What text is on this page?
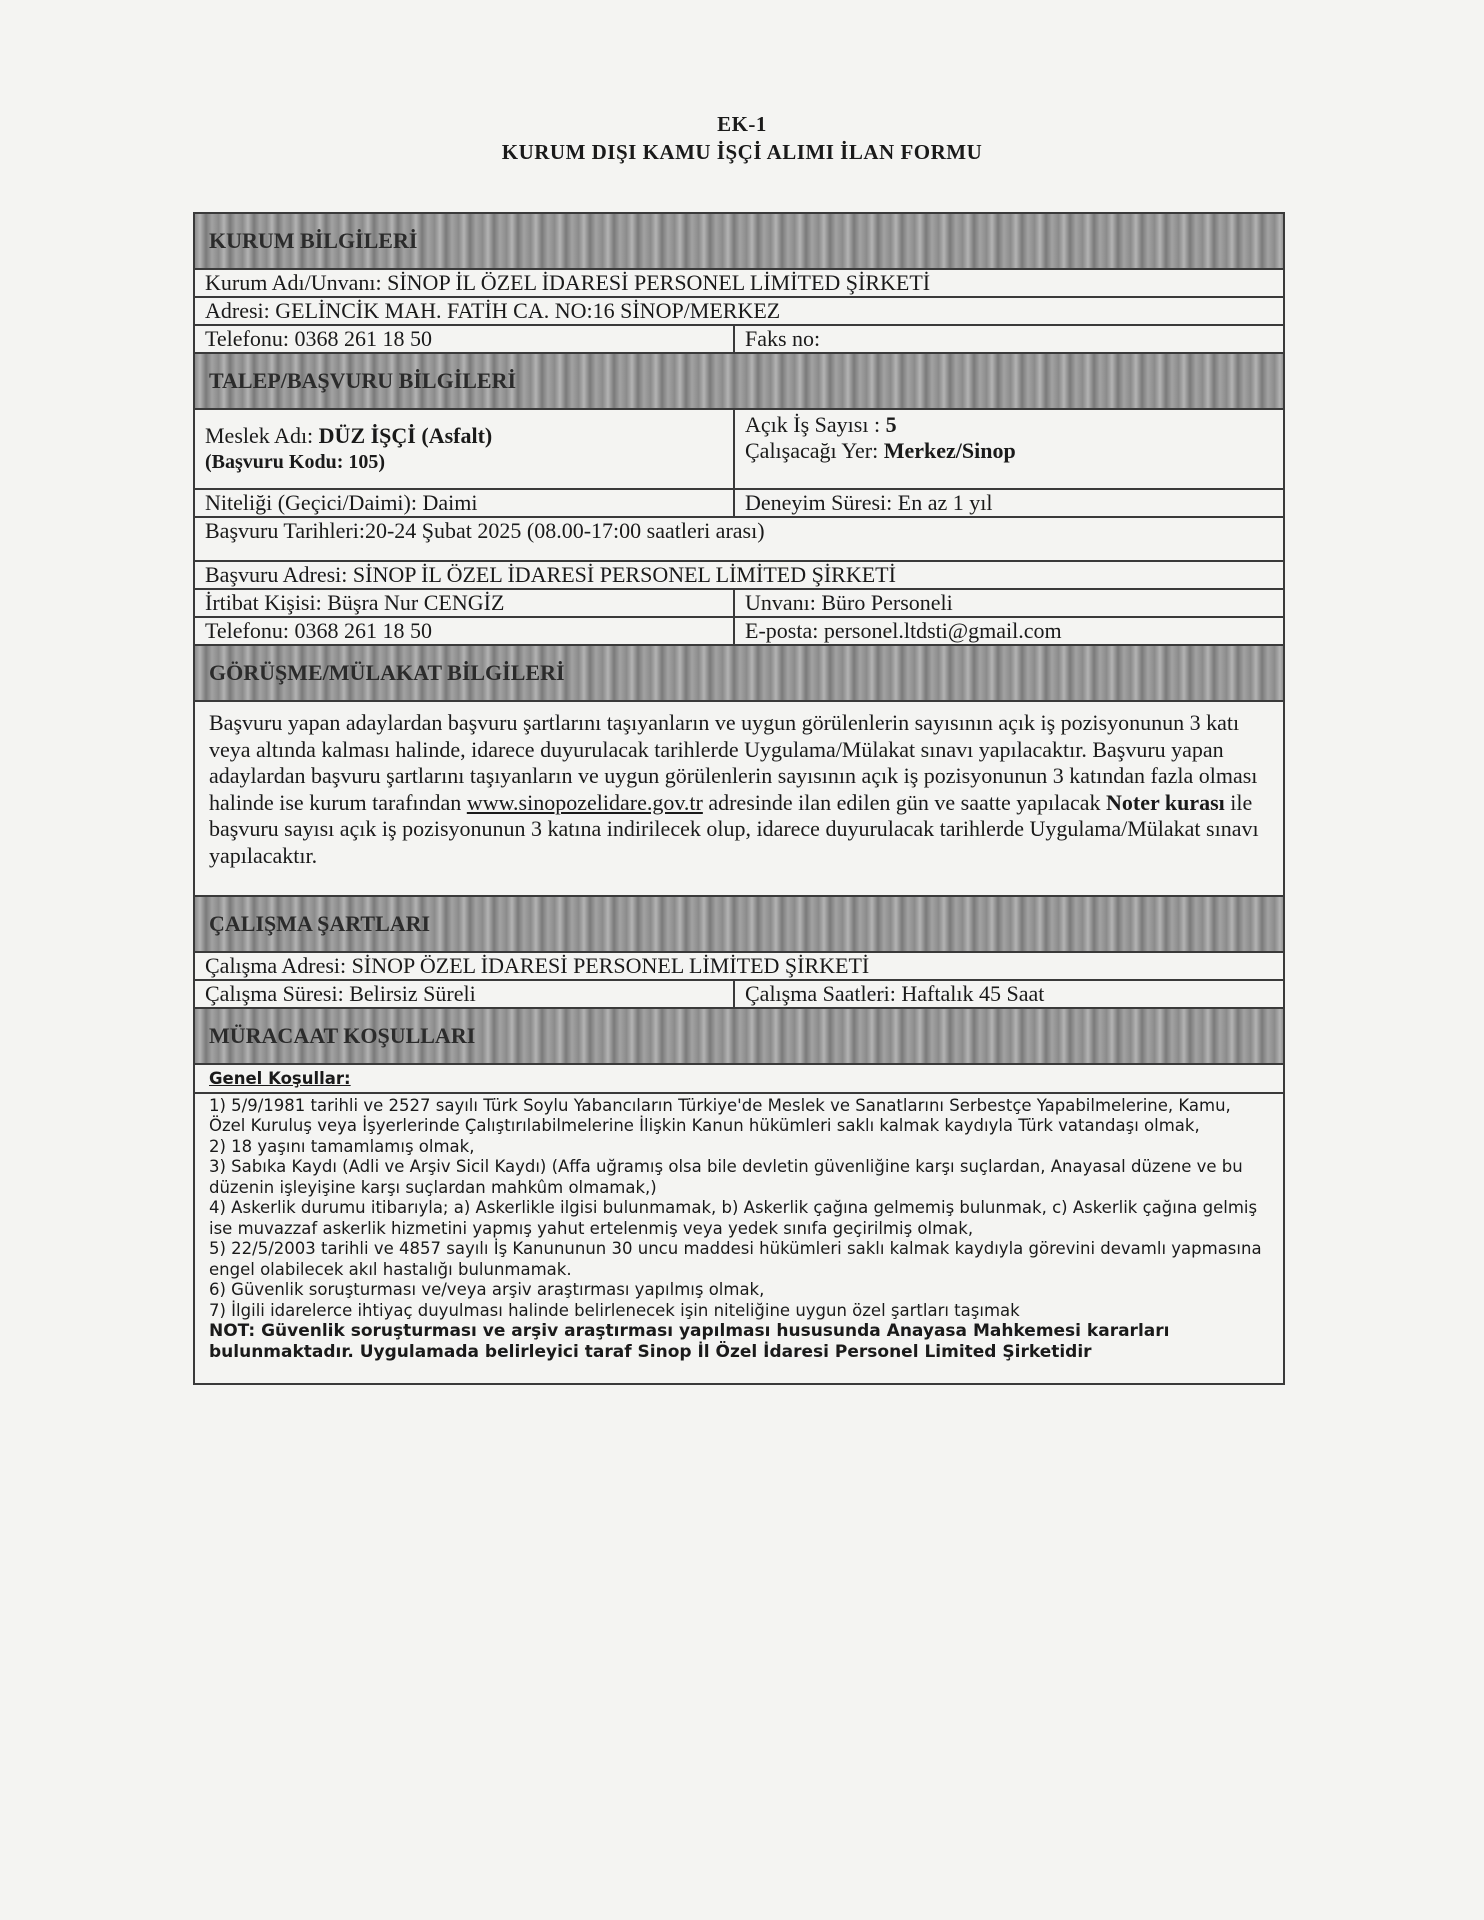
EK-1
KURUM DIŞI KAMU İŞÇİ ALIMI İLAN FORMU
KURUM BİLGİLERİ
Kurum Adı/Unvanı: SİNOP İL ÖZEL İDARESİ PERSONEL LİMİTED ŞİRKETİ
Adresi: GELİNCİK MAH. FATİH CA. NO:16 SİNOP/MERKEZ
Telefonu: 0368 261 18 50	Faks no:
TALEP/BAŞVURU BİLGİLERİ
Meslek Adı: DÜZ İŞÇİ (Asfalt)
(Başvuru Kodu: 105)
Açık İş Sayısı : 5
Çalışacağı Yer: Merkez/Sinop
Niteliği (Geçici/Daimi): Daimi	Deneyim Süresi: En az 1 yıl
Başvuru Tarihleri:20-24 Şubat 2025 (08.00-17:00 saatleri arası)
Başvuru Adresi: SİNOP İL ÖZEL İDARESİ PERSONEL LİMİTED ŞİRKETİ
İrtibat Kişisi: Büşra Nur CENGİZ	Unvanı: Büro Personeli
Telefonu: 0368 261 18 50	E-posta: personel.ltdsti@gmail.com
GÖRÜŞME/MÜLAKAT BİLGİLERİ
Başvuru yapan adaylardan başvuru şartlarını taşıyanların ve uygun görülenlerin sayısının açık iş pozisyonunun 3 katı veya altında kalması halinde, idarece duyurulacak tarihlerde Uygulama/Mülakat sınavı yapılacaktır. Başvuru yapan adaylardan başvuru şartlarını taşıyanların ve uygun görülenlerin sayısının açık iş pozisyonunun 3 katından fazla olması halinde ise kurum tarafından www.sinopozelidare.gov.tr adresinde ilan edilen gün ve saatte yapılacak Noter kurası ile başvuru sayısı açık iş pozisyonunun 3 katına indirilecek olup, idarece duyurulacak tarihlerde Uygulama/Mülakat sınavı yapılacaktır.
ÇALIŞMA ŞARTLARI
Çalışma Adresi: SİNOP ÖZEL İDARESİ PERSONEL LİMİTED ŞİRKETİ
Çalışma Süresi: Belirsiz Süreli	Çalışma Saatleri: Haftalık 45 Saat
MÜRACAAT KOŞULLARI
Genel Koşullar:

1) 5/9/1981 tarihli ve 2527 sayılı Türk Soylu Yabancıların Türkiye'de Meslek ve Sanatlarını Serbestçe Yapabilmelerine, Kamu, Özel Kuruluş veya İşyerlerinde Çalıştırılabilmelerine İlişkin Kanun hükümleri saklı kalmak kaydıyla Türk vatandaşı olmak,

2) 18 yaşını tamamlamış olmak,

3) Sabıka Kaydı (Adli ve Arşiv Sicil Kaydı) (Affa uğramış olsa bile devletin güvenliğine karşı suçlardan, Anayasal düzene ve bu düzenin işleyişine karşı suçlardan mahkûm olmamak,)

4) Askerlik durumu itibarıyla; a) Askerlikle ilgisi bulunmamak, b) Askerlik çağına gelmemiş bulunmak, c) Askerlik çağına gelmiş ise muvazzaf askerlik hizmetini yapmış yahut ertelenmiş veya yedek sınıfa geçirilmiş olmak,

5) 22/5/2003 tarihli ve 4857 sayılı İş Kanununun 30 uncu maddesi hükümleri saklı kalmak kaydıyla görevini devamlı yapmasına engel olabilecek akıl hastalığı bulunmamak.

6) Güvenlik soruşturması ve/veya arşiv araştırması yapılmış olmak,

7) İlgili idarelerce ihtiyaç duyulması halinde belirlenecek işin niteliğine uygun özel şartları taşımak

NOT: Güvenlik soruşturması ve arşiv araştırması yapılması hususunda Anayasa Mahkemesi kararları bulunmaktadır. Uygulamada belirleyici taraf Sinop İl Özel İdaresi Personel Limited Şirketidir
